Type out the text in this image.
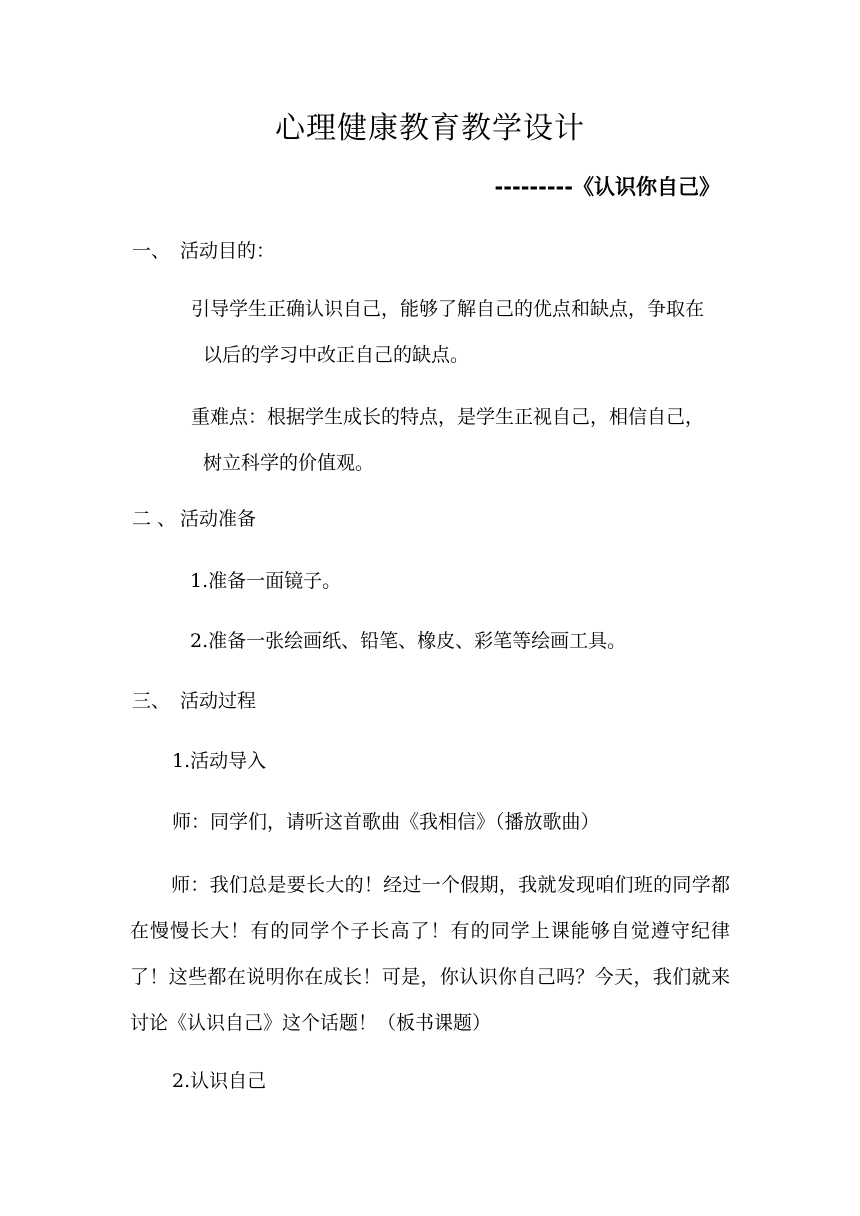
心理健康教育教学设计
---------《认识你自己》
一、 活动目的：
引导学生正确认识自己，能够了解自己的优点和缺点，争取在
以后的学习中改正自己的缺点。
重难点：根据学生成长的特点，是学生正视自己，相信自己，
树立科学的价值观。
二 、 活动准备
1.准备一面镜子。
2.准备一张绘画纸、铅笔、橡皮、彩笔等绘画工具。
三、 活动过程
1.活动导入
师：同学们，请听这首歌曲《我相信》（播放歌曲）
师：我们总是要长大的！经过一个假期，我就发现咱们班的同学都在慢慢长大！有的同学个子长高了！有的同学上课能够自觉遵守纪律了！这些都在说明你在成长！可是，你认识你自己吗？今天，我们就来讨论《认识自己》这个话题！（板书课题）
2.认识自己
